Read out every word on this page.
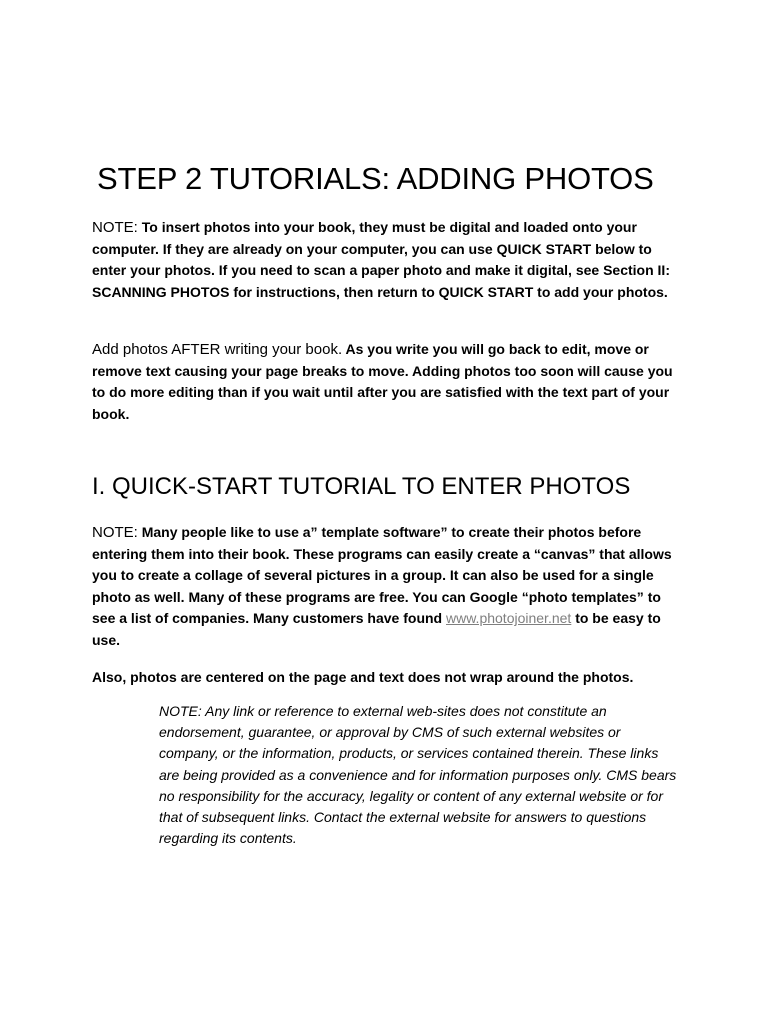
STEP 2 TUTORIALS: ADDING PHOTOS

NOTE: To insert photos into your book, they must be digital and loaded onto your computer. If they are already on your computer, you can use QUICK START below to enter your photos. If you need to scan a paper photo and make it digital, see Section II: SCANNING PHOTOS for instructions, then return to QUICK START to add your photos.

Add photos AFTER writing your book. As you write you will go back to edit, move or remove text causing your page breaks to move. Adding photos too soon will cause you to do more editing than if you wait until after you are satisfied with the text part of your book.

I. QUICK-START TUTORIAL TO ENTER PHOTOS

NOTE: Many people like to use a” template software” to create their photos before entering them into their book. These programs can easily create a “canvas” that allows you to create a collage of several pictures in a group. It can also be used for a single photo as well. Many of these programs are free. You can Google “photo templates” to see a list of companies. Many customers have found www.photojoiner.net to be easy to use.

Also, photos are centered on the page and text does not wrap around the photos.

NOTE: Any link or reference to external web-sites does not constitute an endorsement, guarantee, or approval by CMS of such external websites or company, or the information, products, or services contained therein. These links are being provided as a convenience and for information purposes only. CMS bears no responsibility for the accuracy, legality or content of any external website or for that of subsequent links. Contact the external website for answers to questions regarding its contents.
